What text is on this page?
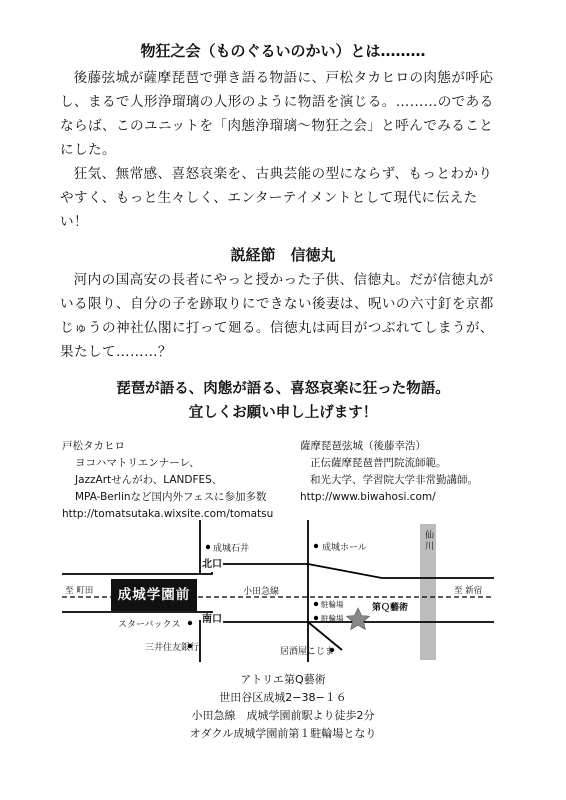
物狂之会（ものぐるいのかい）とは………

後藤弦城が薩摩琵琶で弾き語る物語に、戸松タカヒロの肉態が呼応し、まるで人形浄瑠璃の人形のように物語を演じる。………のであるならば、このユニットを「肉態浄瑠璃～物狂之会」と呼んでみることにした。

狂気、無常感、喜怒哀楽を、古典芸能の型にならず、もっとわかりやすく、もっと生々しく、エンターテイメントとして現代に伝えたい！

説経節　信徳丸

河内の国高安の長者にやっと授かった子供、信徳丸。だが信徳丸がいる限り、自分の子を跡取りにできない後妻は、呪いの六寸釘を京都じゅうの神社仏閣に打って廻る。信徳丸は両目がつぶれてしまうが、果たして………？

琵琶が語る、肉態が語る、喜怒哀楽に狂った物語。
宜しくお願い申し上げます！
戸松タカヒロ
ヨコハマトリエンナーレ、
JazzArtせんがわ、LANDFES、
MPA-Berlinなど国内外フェスに参加多数
http://tomatsutaka.wixsite.com/tomatsu
薩摩琵琶弦城（後藤幸浩）
正伝薩摩琵琶普門院流師範。
和光大学、学習院大学非常勤講師。
http://www.biwahosi.com/
成城学園前
北口
南口
成城石井	成城ホール
至 町田	至 新宿
小田急線
駐輪場
駐輪場
第Ｑ藝術
スターバックス
三井住友銀行	居酒屋こじま
仙川
アトリエ第Q藝術
世田谷区成城2−38−１６
小田急線　成城学園前駅より徒歩2分
オダクル成城学園前第１駐輪場となり
